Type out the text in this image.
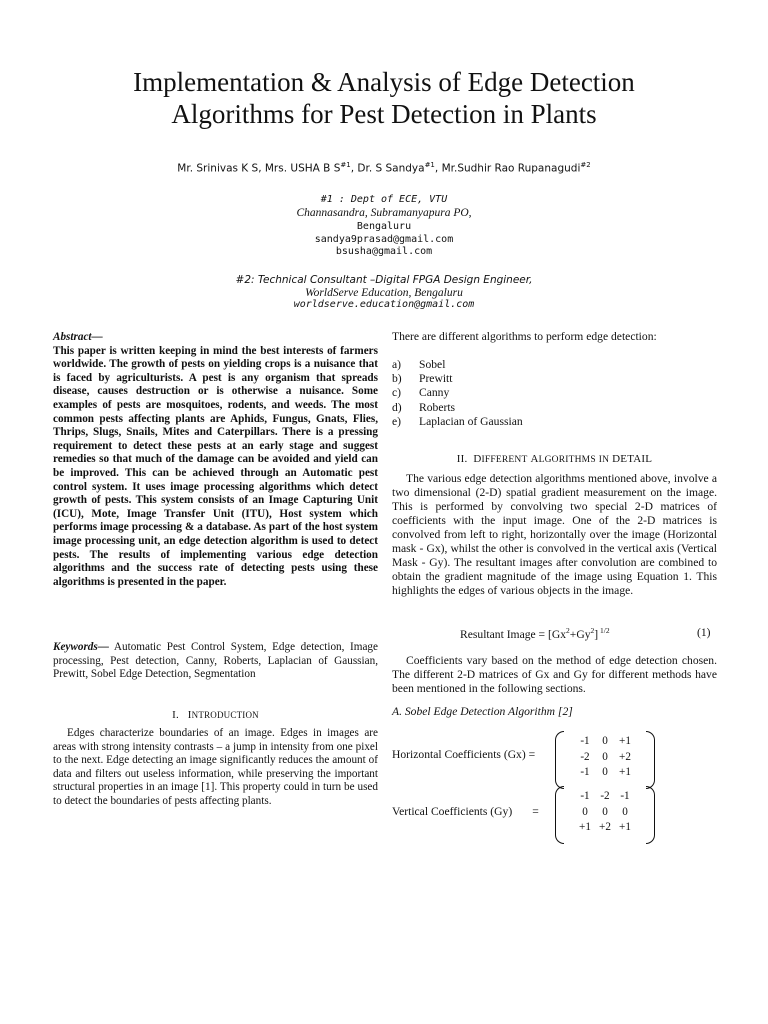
Implementation & Analysis of Edge Detection
Algorithms for Pest Detection in Plants
Mr. Srinivas K S, Mrs. USHA B $S^{\#1}$, Dr. S Sandya$^{\#1}$, Mr.Sudhir Rao Rupanagudi$^{\#2}$
#1 : Dept of ECE, VTU
Channasandra, Subramanyapura PO,
Bengaluru
sandya9prasad@gmail.com
bsusha@gmail.com
#2: Technical Consultant –Digital FPGA Design Engineer,
WorldServe Education, Bengaluru
worldserve.education@gmail.com
Abstract—
This paper is written keeping in mind the best interests of farmers worldwide. The growth of pests on yielding crops is a nuisance that is faced by agriculturists. A pest is any organism that spreads disease, causes destruction or is otherwise a nuisance. Some examples of pests are mosquitoes, rodents, and weeds. The most common pests affecting plants are Aphids, Fungus, Gnats, Flies, Thrips, Slugs, Snails, Mites and Caterpillars. There is a pressing requirement to detect these pests at an early stage and suggest remedies so that much of the damage can be avoided and yield can be improved. This can be achieved through an Automatic pest control system. It uses image processing algorithms which detect growth of pests. This system consists of an Image Capturing Unit (ICU), Mote, Image Transfer Unit (ITU), Host system which performs image processing & a database. As part of the host system image processing unit, an edge detection algorithm is used to detect pests. The results of implementing various edge detection algorithms and the success rate of detecting pests using these algorithms is presented in the paper.
Keywords— Automatic Pest Control System, Edge detection, Image processing, Pest detection, Canny, Roberts, Laplacian of Gaussian, Prewitt, Sobel Edge Detection, Segmentation
I. INTRODUCTION
Edges characterize boundaries of an image. Edges in images are areas with strong intensity contrasts – a jump in intensity from one pixel to the next. Edge detecting an image significantly reduces the amount of data and filters out useless information, while preserving the important structural properties in an image [1]. This property could in turn be used to detect the boundaries of pests affecting plants.
There are different algorithms to perform edge detection:
a) Sobel
b) Prewitt
c) Canny
d) Roberts
e) Laplacian of Gaussian
II. DIFFERENT ALGORITHMS IN DETAIL
The various edge detection algorithms mentioned above, involve a two dimensional (2-D) spatial gradient measurement on the image. This is performed by convolving two special 2-D matrices of coefficients with the input image. One of the 2-D matrices is convolved from left to right, horizontally over the image (Horizontal mask - Gx), whilst the other is convolved in the vertical axis (Vertical Mask - Gy). The resultant images after convolution are combined to obtain the gradient magnitude of the image using Equation 1. This highlights the edges of various objects in the image.
Resultant Image = $[Gx^2+Gy^2]$ $^{1/2}$	(1)
Coefficients vary based on the method of edge detection chosen. The different 2-D matrices of Gx and Gy for different methods have been mentioned in the following sections.
A. Sobel Edge Detection Algorithm [2]
Horizontal Coefficients (Gx) =
-1	0	+1
-2	0	+2
-1	0	+1
Vertical Coefficients (Gy) =
-1	-2	-1
0	0	0
+1	+2	+1
